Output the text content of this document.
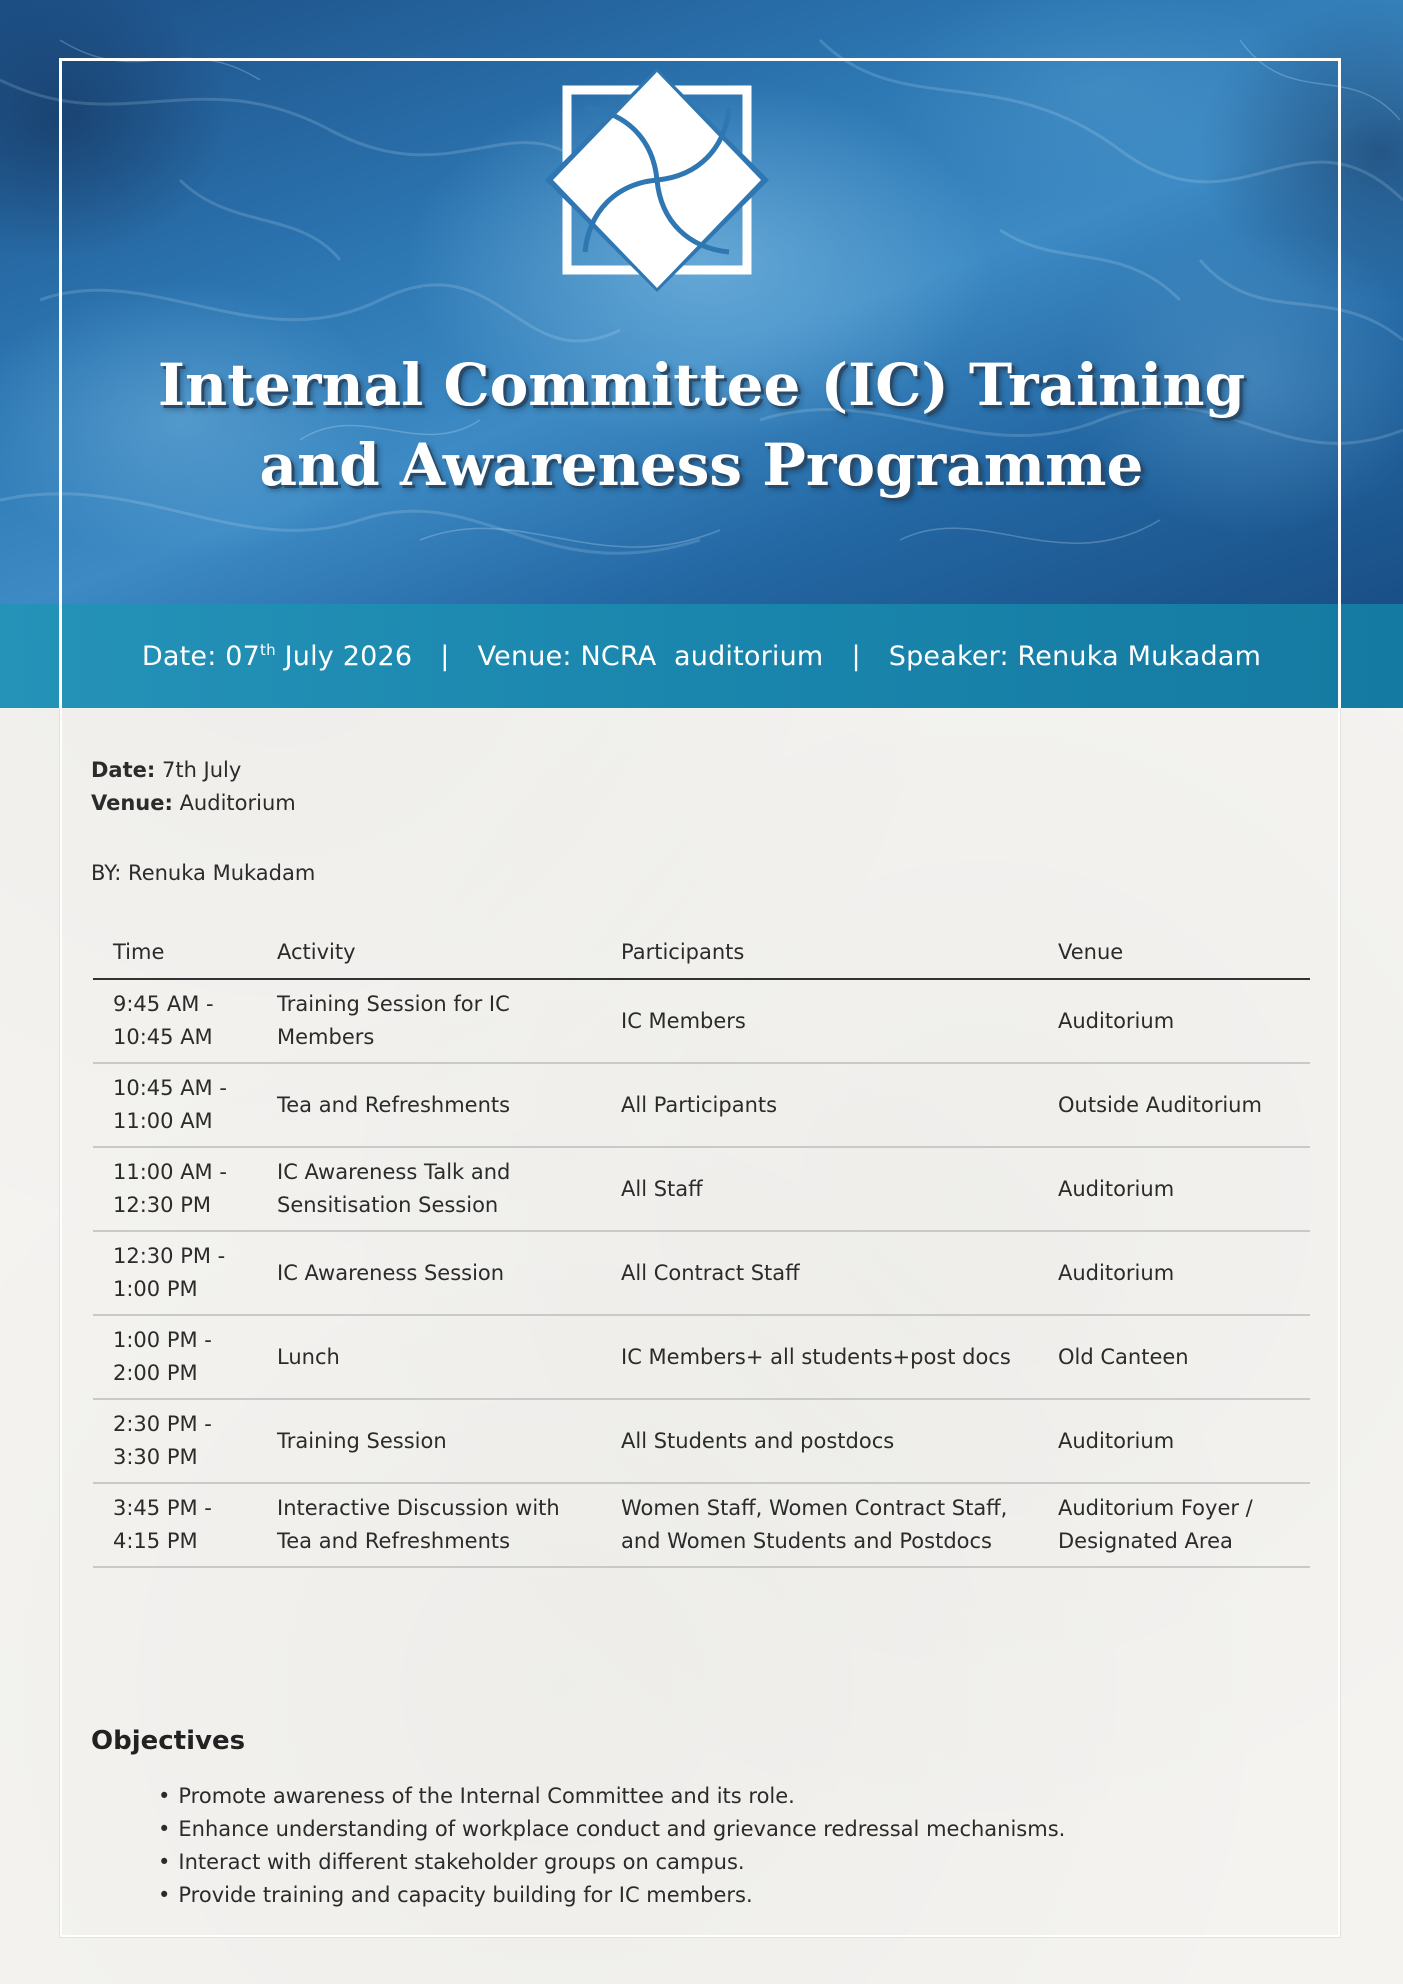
Internal Committee (IC) Training
and Awareness Programme
Date: 07th July 2026 | Venue: NCRA  auditorium | Speaker: Renuka Mukadam
Date: 7th July
Venue: Auditorium
BY: Renuka Mukadam
Time	Activity	Participants	Venue
9:45 AM - 10:45 AM	Training Session for IC Members	IC Members	Auditorium
10:45 AM - 11:00 AM	Tea and Refreshments	All Participants	Outside Auditorium
11:00 AM - 12:30 PM	IC Awareness Talk and Sensitisation Session	All Staff	Auditorium
12:30 PM - 1:00 PM	IC Awareness Session	All Contract Staff	Auditorium
1:00 PM - 2:00 PM	Lunch	IC Members+ all students+post docs	Old Canteen
2:30 PM - 3:30 PM	Training Session	All Students and postdocs	Auditorium
3:45 PM - 4:15 PM	Interactive Discussion with Tea and Refreshments	Women Staff, Women Contract Staff, and Women Students and Postdocs	Auditorium Foyer / Designated Area
Objectives
• Promote awareness of the Internal Committee and its role.
• Enhance understanding of workplace conduct and grievance redressal mechanisms.
• Interact with different stakeholder groups on campus.
• Provide training and capacity building for IC members.
